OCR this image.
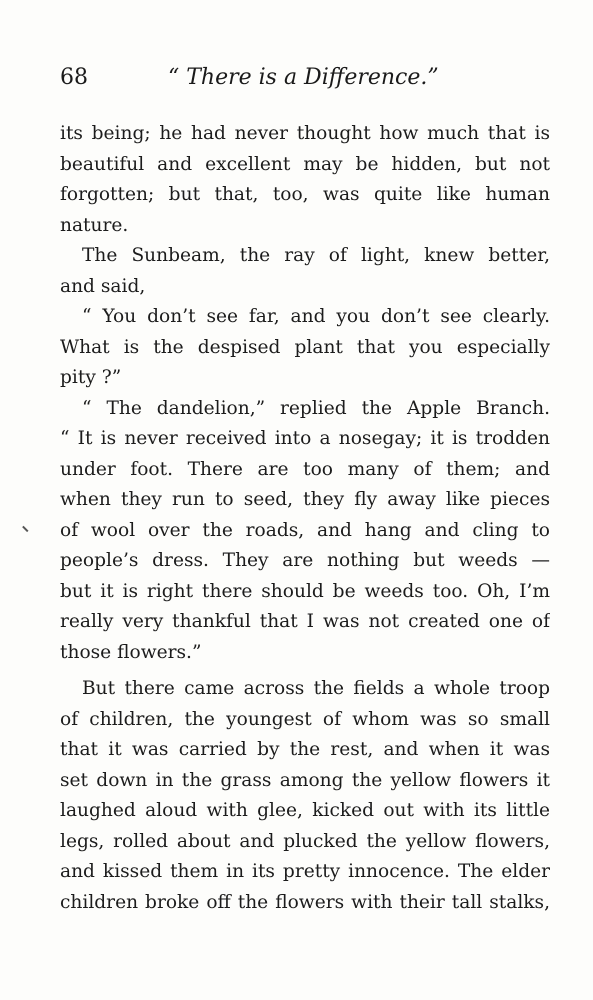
68	“ There is a Difference.”
its being; he had never thought how much that is
beautiful and excellent may be hidden, but not
forgotten; but that, too, was quite like human
nature.
The Sunbeam, the ray of light, knew better,
and said,
“ You don’t see far, and you don’t see clearly.
What is the despised plant that you especially
pity ?”
“ The dandelion,” replied the Apple Branch.
“ It is never received into a nosegay; it is trodden
under foot. There are too many of them; and
when they run to seed, they fly away like pieces
of wool over the roads, and hang and cling to
people’s dress. They are nothing but weeds —
but it is right there should be weeds too. Oh, I’m
really very thankful that I was not created one of
those flowers.”
But there came across the fields a whole troop
of children, the youngest of whom was so small
that it was carried by the rest, and when it was
set down in the grass among the yellow flowers it
laughed aloud with glee, kicked out with its little
legs, rolled about and plucked the yellow flowers,
and kissed them in its pretty innocence. The elder
children broke off the flowers with their tall stalks,
